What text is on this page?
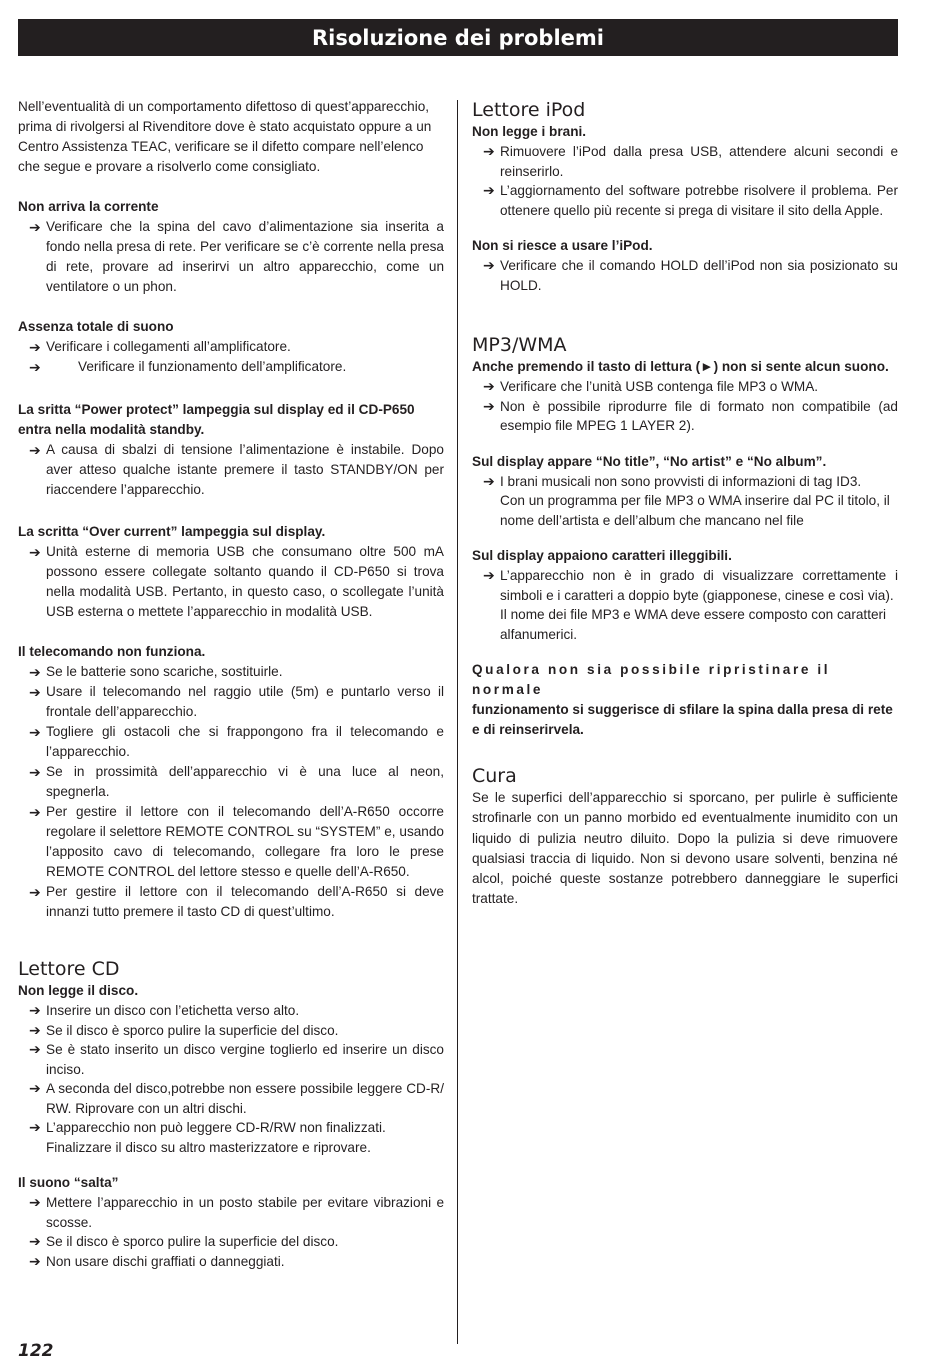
Risoluzione dei problemi

Nell’eventualità di un comportamento difettoso di quest’apparecchio, prima di rivolgersi al Rivenditore dove è stato acquistato oppure a un Centro Assistenza TEAC, verificare se il difetto compare nell’elenco che segue e provare a risolverlo come consigliato.

Non arriva la corrente

➔ Verificare che la spina del cavo d’alimentazione sia inserita a fondo nella presa di rete. Per verificare se c’è corrente nella presa di rete, provare ad inserirvi un altro apparecchio, come un ventilatore o un phon.

Assenza totale di suono

➔ Verificare i collegamenti all’amplificatore.

➔	Verificare il funzionamento dell’amplificatore.

La sritta “Power protect” lampeggia sul display ed il CD-P650 entra nella modalità standby.

➔ A causa di sbalzi di tensione l’alimentazione è instabile. Dopo aver atteso qualche istante premere il tasto STANDBY/ON per riaccendere l’apparecchio.

La scritta “Over current” lampeggia sul display.

➔ Unità esterne di memoria USB che consumano oltre 500 mA possono essere collegate soltanto quando il CD-P650 si trova nella modalità USB. Pertanto, in questo caso, o scollegate l’unità USB esterna o mettete l’apparecchio in modalità USB.

Il telecomando non funziona.

➔ Se le batterie sono scariche, sostituirle.

➔ Usare il telecomando nel raggio utile (5m) e puntarlo verso il frontale dell’apparecchio.

➔ Togliere gli ostacoli che si frappongono fra il telecomando e l’apparecchio.

➔ Se in prossimità dell’apparecchio vi è una luce al neon, spegnerla.

➔ Per gestire il lettore con il telecomando dell’A-R650 occorre regolare il selettore REMOTE CONTROL su “SYSTEM” e, usando l’apposito cavo di telecomando, collegare fra loro le prese REMOTE CONTROL del lettore stesso e quelle dell’A-R650.

➔ Per gestire il lettore con il telecomando dell’A-R650 si deve innanzi tutto premere il tasto CD di quest’ultimo.

Lettore CD

Non legge il disco.

➔ Inserire un disco con l’etichetta verso alto.

➔ Se il disco è sporco pulire la superficie del disco.

➔ Se è stato inserito un disco vergine toglierlo ed inserire un disco inciso.

➔ A seconda del disco,potrebbe non essere possibile leggere CD-R/ RW. Riprovare con un altri dischi.

➔ L’apparecchio non può leggere CD-R/RW non finalizzati.

Finalizzare il disco su altro masterizzatore e riprovare.

Il suono “salta”

➔ Mettere l’apparecchio in un posto stabile per evitare vibrazioni e scosse.

➔ Se il disco è sporco pulire la superficie del disco.

➔ Non usare dischi graffiati o danneggiati.

Lettore iPod

Non legge i brani.

➔ Rimuovere l’iPod dalla presa USB, attendere alcuni secondi e reinserirlo.

➔ L’aggiornamento del software potrebbe risolvere il problema. Per ottenere quello più recente si prega di visitare il sito della Apple.

Non si riesce a usare l’iPod.

➔ Verificare che il comando HOLD dell’iPod non sia posizionato su HOLD.

MP3/WMA

Anche premendo il tasto di lettura (►) non si sente alcun suono.

➔ Verificare che l’unità USB contenga file MP3 o WMA.

➔ Non è possibile riprodurre file di formato non compatibile (ad esempio file MPEG 1 LAYER 2).

Sul display appare “No title”, “No artist” e “No album”.

➔ I brani musicali non sono provvisti di informazioni di tag ID3.

Con un programma per file MP3 o WMA inserire dal PC il titolo, il nome dell’artista e dell’album che mancano nel file

Sul display appaiono caratteri illeggibili.

➔ L’apparecchio non è in grado di visualizzare correttamente i simboli e i caratteri a doppio byte (giapponese, cinese e così via).

Il nome dei file MP3 e WMA deve essere composto con caratteri alfanumerici.

Qualora non sia possibile ripristinare il normale

funzionamento si suggerisce di sfilare la spina dalla presa di rete e di reinserirvela.

Cura

Se le superfici dell’apparecchio si sporcano, per pulirle è sufficiente strofinarle con un panno morbido ed eventualmente inumidito con un liquido di pulizia neutro diluito. Dopo la pulizia si deve rimuovere qualsiasi traccia di liquido. Non si devono usare solventi, benzina né alcol, poiché queste sostanze potrebbero danneggiare le superfici trattate.

122
